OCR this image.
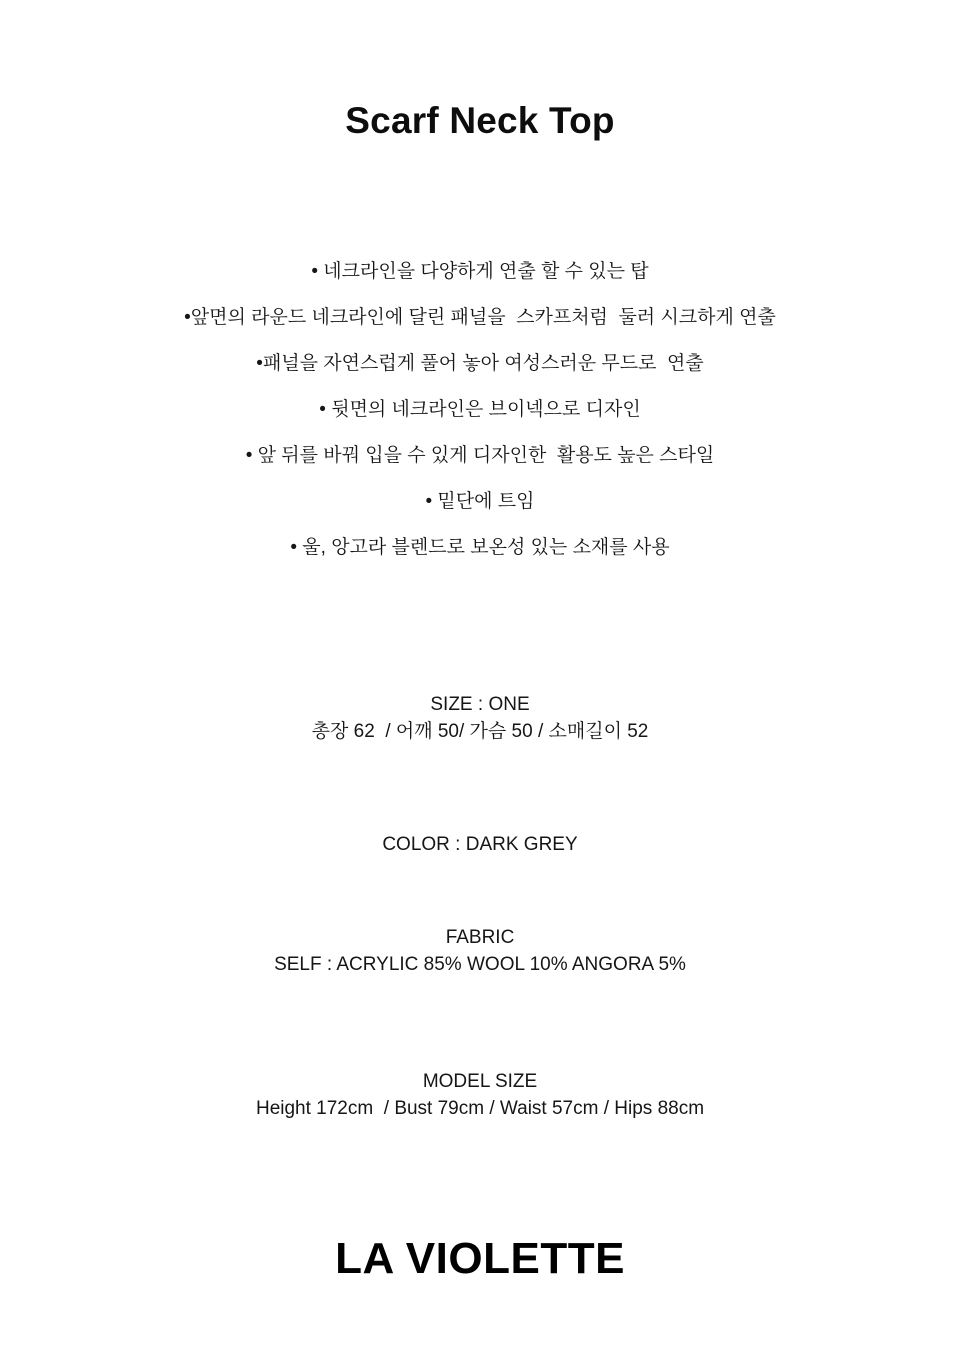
Scarf Neck Top
• 네크라인을 다양하게 연출 할 수 있는 탑
•앞면의 라운드 네크라인에 달린 패널을  스카프처럼  둘러 시크하게 연출
•패널을 자연스럽게 풀어 놓아 여성스러운 무드로  연출
• 뒷면의 네크라인은 브이넥으로 디자인
• 앞 뒤를 바꿔 입을 수 있게 디자인한  활용도 높은 스타일
• 밑단에 트임
• 울, 앙고라 블렌드로 보온성 있는 소재를 사용
SIZE : ONE
총장 62  / 어깨 50/ 가슴 50 / 소매길이 52
COLOR : DARK GREY
FABRIC
SELF : ACRYLIC 85% WOOL 10% ANGORA 5%
MODEL SIZE
Height 172cm  / Bust 79cm / Waist 57cm / Hips 88cm
LA VIOLETTE
